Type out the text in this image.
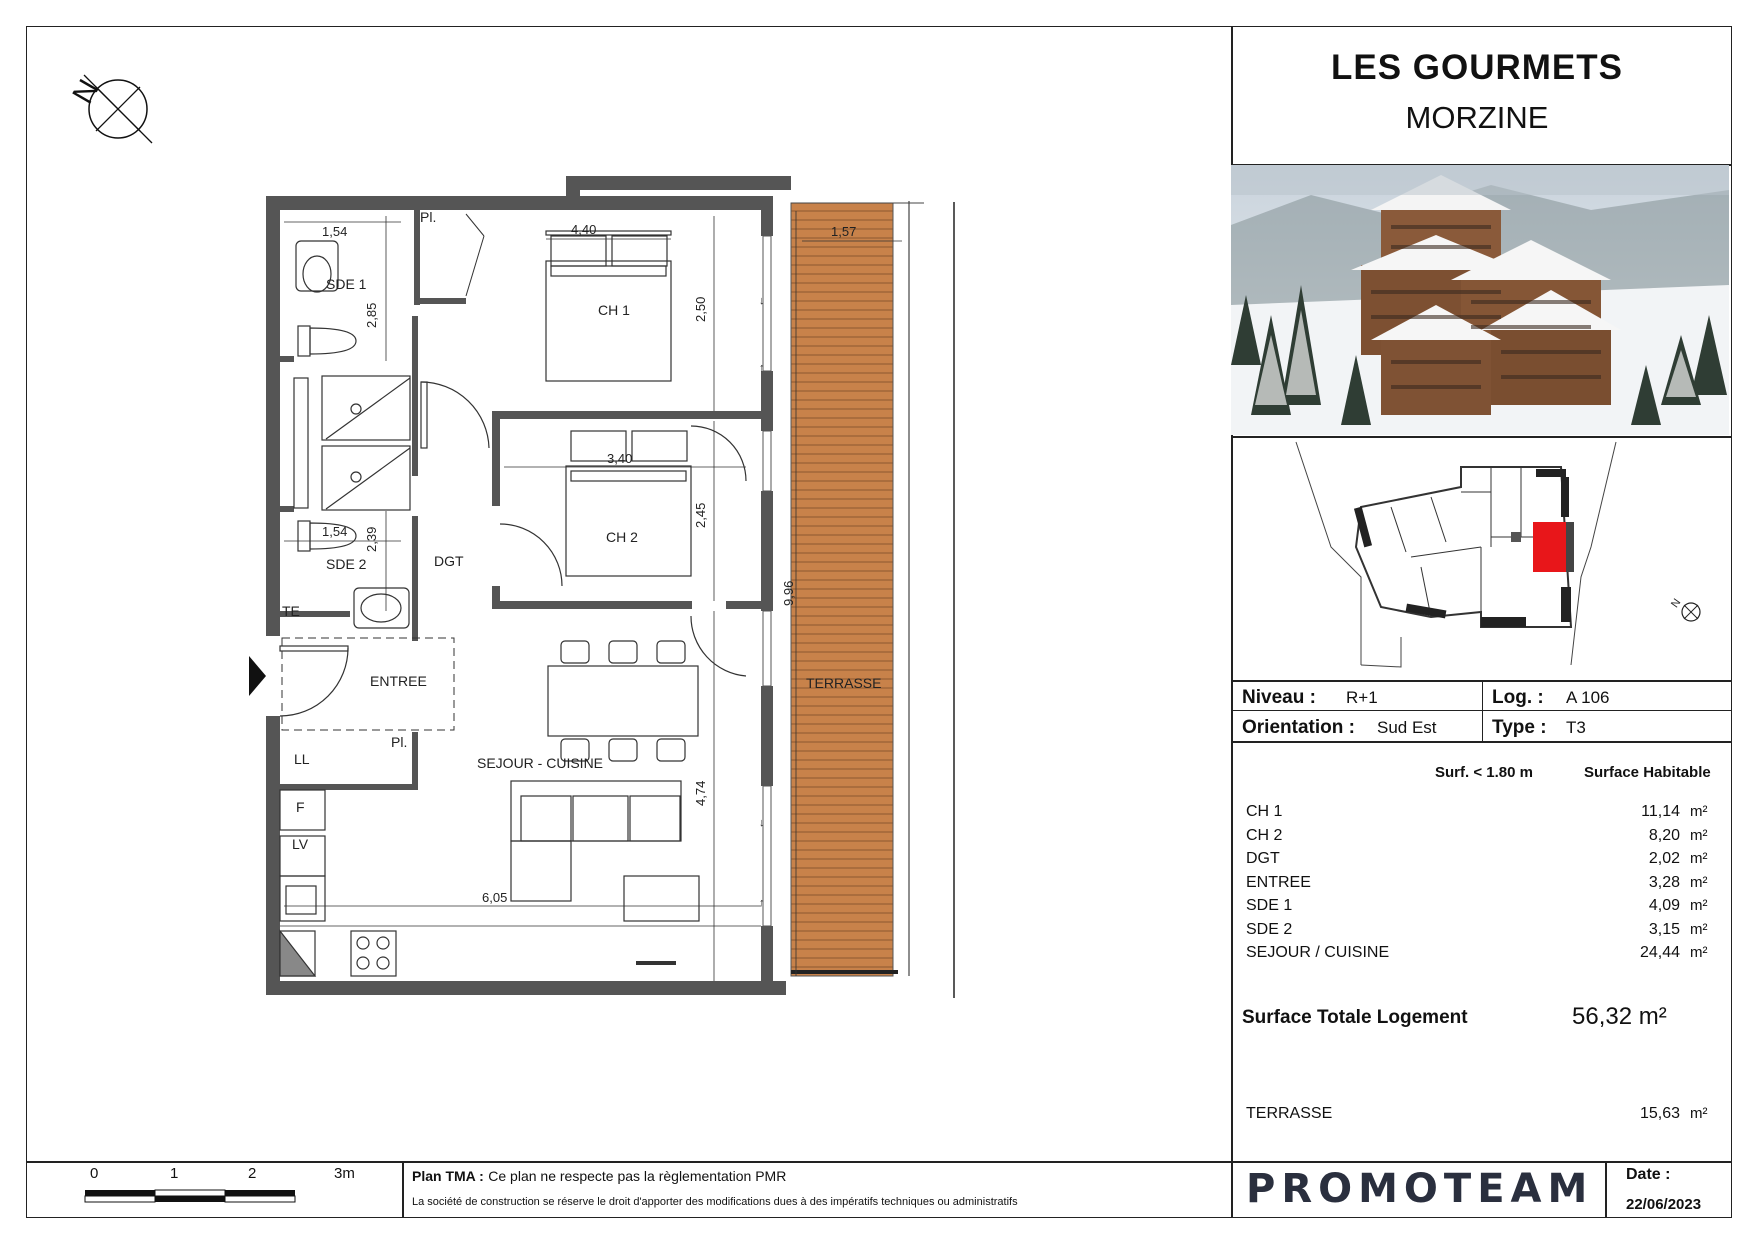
LES GOURMETS
MORZINE
N
Niveau : R+1	Log. : A 106
Orientation : Sud Est	Type : T3
Surf. < 1.80 m	Surface Habitable
CH 1	11,14 m²
CH 2	8,20 m²
DGT	2,02 m²
ENTREE	3,28 m²
SDE 1	4,09 m²
SDE 2	3,15 m²
SEJOUR / CUISINE	24,44 m²
Surface Totale Logement	56,32 m²
TERRASSE	15,63 m²
N
↓
↑
↓
↑
SDE 1
CH 1
Pl.
CH 2
DGT
SDE 2
TE
ENTREE
Pl.
LL
F
LV
SEJOUR - CUISINE
TERRASSE
1,54	4,40	1,57
2,85	2,50
3,40
2,45
1,54 2,39
9,96
4,74
6,05
0	1	2	3m	Plan TMA : Ce plan ne respecte pas la règlementation PMR
La société de construction se réserve le droit d'apporter des modifications dues à des impératifs techniques ou administratifs	PROMOTEAM Date :
22/06/2023
